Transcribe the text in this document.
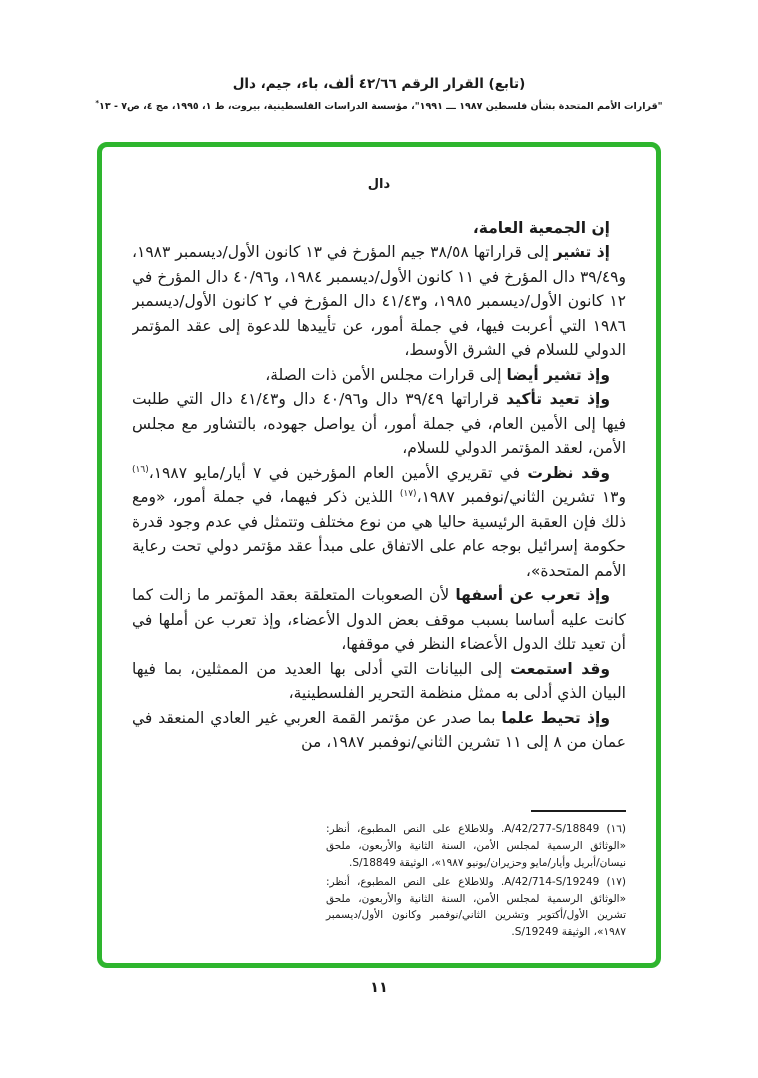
(تابع) القرار الرقم ٤٢/٦٦ ألف، باء، جيم، دال
"قرارات الأمم المتحدة بشأن فلسطين ١٩٨٧ ـــ ١٩٩١"، مؤسسة الدراسات الفلسطينية، بيروت، ط ١، ١٩٩٥، مج ٤، ص٧ - ١٣*
دال

إن الجمعية العامة،

إذ تشير إلى قراراتها ٣٨/٥٨ جيم المؤرخ في ١٣ كانون الأول/ديسمبر ١٩٨٣، و٣٩/٤٩ دال المؤرخ في ١١ كانون الأول/ديسمبر ١٩٨٤، و٤٠/٩٦ دال المؤرخ في ١٢ كانون الأول/ديسمبر ١٩٨٥، و٤١/٤٣ دال المؤرخ في ٢ كانون الأول/ديسمبر ١٩٨٦ التي أعربت فيها، في جملة أمور، عن تأييدها للدعوة إلى عقد المؤتمر الدولي للسلام في الشرق الأوسط،

وإذ تشير أيضا إلى قرارات مجلس الأمن ذات الصلة،

وإذ تعيد تأكيد قراراتها ٣٩/٤٩ دال و٤٠/٩٦ دال و٤١/٤٣ دال التي طلبت فيها إلى الأمين العام، في جملة أمور، أن يواصل جهوده، بالتشاور مع مجلس الأمن، لعقد المؤتمر الدولي للسلام،

وقد نظرت في تقريري الأمين العام المؤرخين في ٧ أيار/مايو ١٩٨٧،$^{(١٦)}$ و١٣ تشرين الثاني/نوفمبر ١٩٨٧،$^{(١٧)}$ اللذين ذكر فيهما، في جملة أمور، «ومع ذلك فإن العقبة الرئيسية حاليا هي من نوع مختلف وتتمثل في عدم وجود قدرة حكومة إسرائيل بوجه عام على الاتفاق على مبدأ عقد مؤتمر دولي تحت رعاية الأمم المتحدة»،

وإذ تعرب عن أسفها لأن الصعوبات المتعلقة بعقد المؤتمر ما زالت كما كانت عليه أساسا بسبب موقف بعض الدول الأعضاء، وإذ تعرب عن أملها في أن تعيد تلك الدول الأعضاء النظر في موقفها،

وقد استمعت إلى البيانات التي أدلى بها العديد من الممثلين، بما فيها البيان الذي أدلى به ممثل منظمة التحرير الفلسطينية،

وإذ تحيط علما بما صدر عن مؤتمر القمة العربي غير العادي المنعقد في عمان من ٨ إلى ١١ تشرين الثاني/نوفمبر ١٩٨٧، من

(١٦) A/42/277-S/18849. وللاطلاع على النص المطبوع، أنظر: «الوثائق الرسمية لمجلس الأمن، السنة الثانية والأربعون، ملحق نيسان/أبريل وأيار/مايو وحزيران/يونيو ١٩٨٧»، الوثيقة S/18849.

(١٧) A/42/714-S/19249. وللاطلاع على النص المطبوع، أنظر: «الوثائق الرسمية لمجلس الأمن، السنة الثانية والأربعون، ملحق تشرين الأول/أكتوبر وتشرين الثاني/نوفمبر وكانون الأول/ديسمبر ١٩٨٧»، الوثيقة S/19249.

١١
